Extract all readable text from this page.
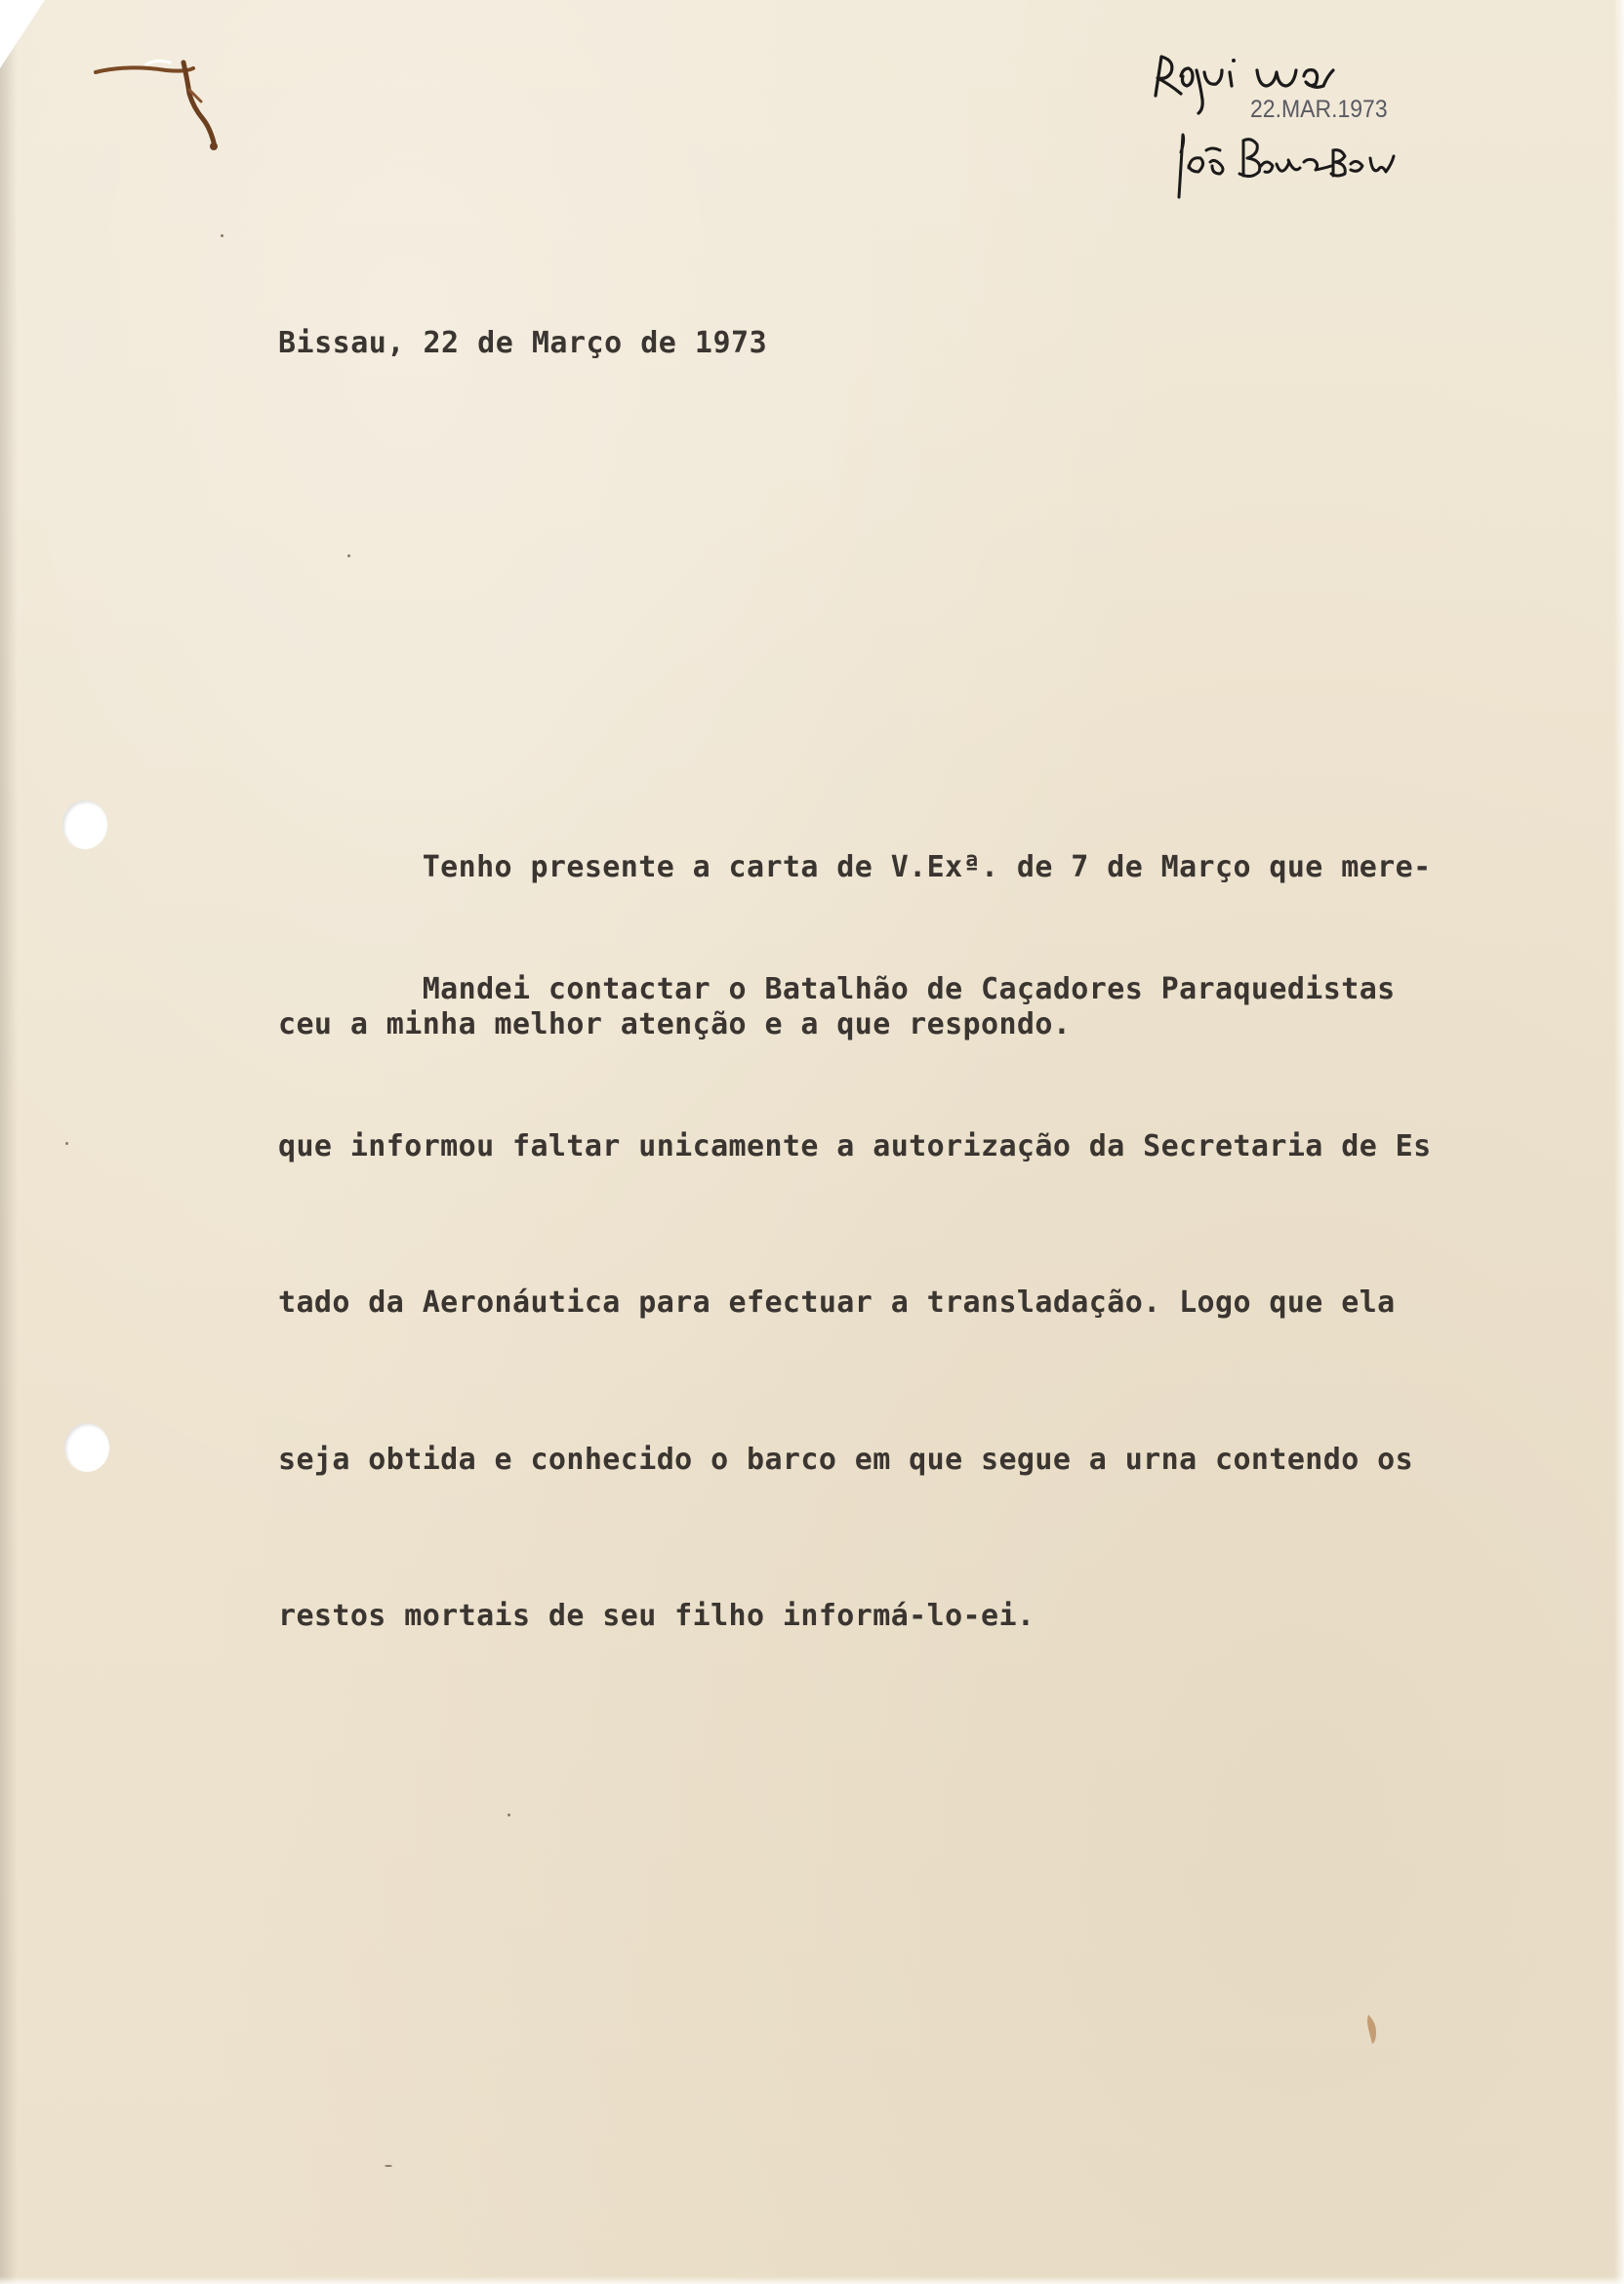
22.MAR.1973
Bissau, 22 de Março de 1973

Tenho presente a carta de V.Exª. de 7 de Março que mere-

ceu a minha melhor atenção e a que respondo.

Mandei contactar o Batalhão de Caçadores Paraquedistas

que informou faltar unicamente a autorização da Secretaria de Es

tado da Aeronáutica para efectuar a transladação. Logo que ela

seja obtida e conhecido o barco em que segue a urna contendo os

restos mortais de seu filho informá-lo-ei.
